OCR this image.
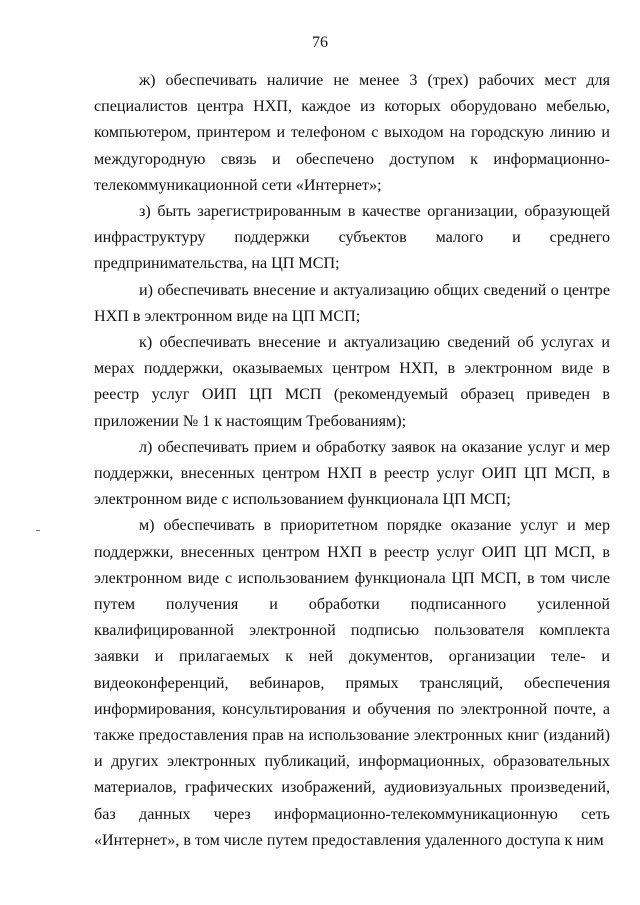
76

ж) обеспечивать наличие не менее 3 (трех) рабочих мест для специалистов центра НХП, каждое из которых оборудовано мебелью, компьютером, принтером и телефоном с выходом на городскую линию и междугородную связь и обеспечено доступом к информационно-телекоммуникационной сети «Интернет»;

з) быть зарегистрированным в качестве организации, образующей инфраструктуру поддержки субъектов малого и среднего предпринимательства, на ЦП МСП;

и) обеспечивать внесение и актуализацию общих сведений о центре НХП в электронном виде на ЦП МСП;

к) обеспечивать внесение и актуализацию сведений об услугах и мерах поддержки, оказываемых центром НХП, в электронном виде в реестр услуг ОИП ЦП МСП (рекомендуемый образец приведен в приложении № 1 к настоящим Требованиям);

л) обеспечивать прием и обработку заявок на оказание услуг и мер поддержки, внесенных центром НХП в реестр услуг ОИП ЦП МСП, в электронном виде с использованием функционала ЦП МСП;

м) обеспечивать в приоритетном порядке оказание услуг и мер поддержки, внесенных центром НХП в реестр услуг ОИП ЦП МСП, в электронном виде с использованием функционала ЦП МСП, в том числе путем получения и обработки подписанного усиленной квалифицированной электронной подписью пользователя комплекта заявки и прилагаемых к ней документов, организации теле- и видеоконференций, вебинаров, прямых трансляций, обеспечения информирования, консультирования и обучения по электронной почте, а также предоставления прав на использование электронных книг (изданий) и других электронных публикаций, информационных, образовательных материалов, графических изображений, аудиовизуальных произведений, баз данных через информационно-телекоммуникационную сеть «Интернет», в том числе путем предоставления удаленного доступа к ним
